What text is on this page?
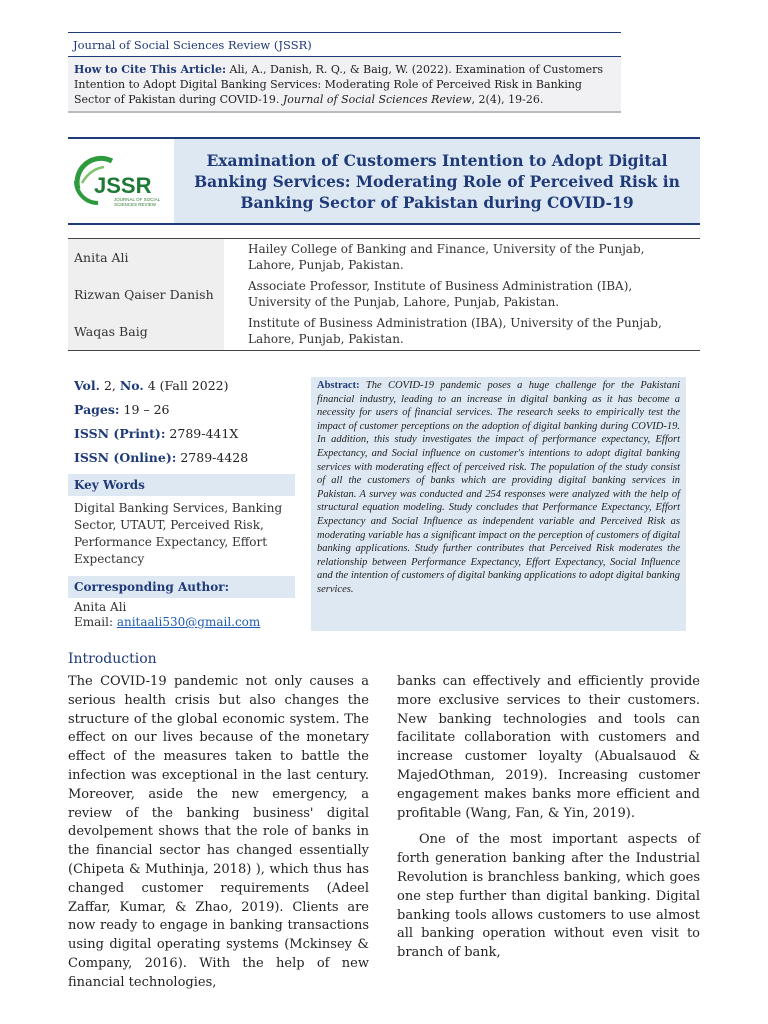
Journal of Social Sciences Review (JSSR)
How to Cite This Article: Ali, A., Danish, R. Q., & Baig, W. (2022). Examination of Customers Intention to Adopt Digital Banking Services: Moderating Role of Perceived Risk in Banking Sector of Pakistan during COVID-19. Journal of Social Sciences Review, 2(4), 19-26.
JSSR
JOURNAL OF SOCIAL
SCIENCES REVIEW
Examination of Customers Intention to Adopt Digital Banking Services: Moderating Role of Perceived Risk in Banking Sector of Pakistan during COVID-19
Anita Ali
Hailey College of Banking and Finance, University of the Punjab, Lahore, Punjab, Pakistan.
Rizwan Qaiser Danish
Associate Professor, Institute of Business Administration (IBA), University of the Punjab, Lahore, Punjab, Pakistan.
Waqas Baig
Institute of Business Administration (IBA), University of the Punjab, Lahore, Punjab, Pakistan.
Vol. 2, No. 4 (Fall 2022)
Pages: 19 – 26
ISSN (Print): 2789-441X
ISSN (Online): 2789-4428
Key Words
Digital Banking Services, Banking Sector, UTAUT, Perceived Risk, Performance Expectancy, Effort Expectancy
Corresponding Author:
Anita Ali
Email: anitaali530@gmail.com
Abstract: The COVID-19 pandemic poses a huge challenge for the Pakistani financial industry, leading to an increase in digital banking as it has become a necessity for users of financial services. The research seeks to empirically test the impact of customer perceptions on the adoption of digital banking during COVID-19. In addition, this study investigates the impact of performance expectancy, Effort Expectancy, and Social influence on customer's intentions to adopt digital banking services with moderating effect of perceived risk. The population of the study consist of all the customers of banks which are providing digital banking services in Pakistan. A survey was conducted and 254 responses were analyzed with the help of structural equation modeling. Study concludes that Performance Expectancy, Effort Expectancy and Social Influence as independent variable and Perceived Risk as moderating variable has a significant impact on the perception of customers of digital banking applications. Study further contributes that Perceived Risk moderates the relationship between Performance Expectancy, Effort Expectancy, Social Influence and the intention of customers of digital banking applications to adopt digital banking services.
Introduction

The COVID-19 pandemic not only causes a serious health crisis but also changes the structure of the global economic system. The effect on our lives because of the monetary effect of the measures taken to battle the infection was exceptional in the last century. Moreover, aside the new emergency, a review of the banking business' digital devolpement shows that the role of banks in the financial sector has changed essentially (Chipeta & Muthinja, 2018) ), which thus has changed customer requirements (Adeel Zaffar, Kumar, & Zhao, 2019). Clients are now ready to engage in banking transactions using digital operating systems (Mckinsey & Company, 2016). With the help of new financial technologies,

banks can effectively and efficiently provide more exclusive services to their customers. New banking technologies and tools can facilitate collaboration with customers and increase customer loyalty (Abualsauod & MajedOthman, 2019). Increasing customer engagement makes banks more efficient and profitable (Wang, Fan, & Yin, 2019).

One of the most important aspects of forth generation banking after the Industrial Revolution is branchless banking, which goes one step further than digital banking. Digital banking tools allows customers to use almost all banking operation without even visit to branch of bank,
